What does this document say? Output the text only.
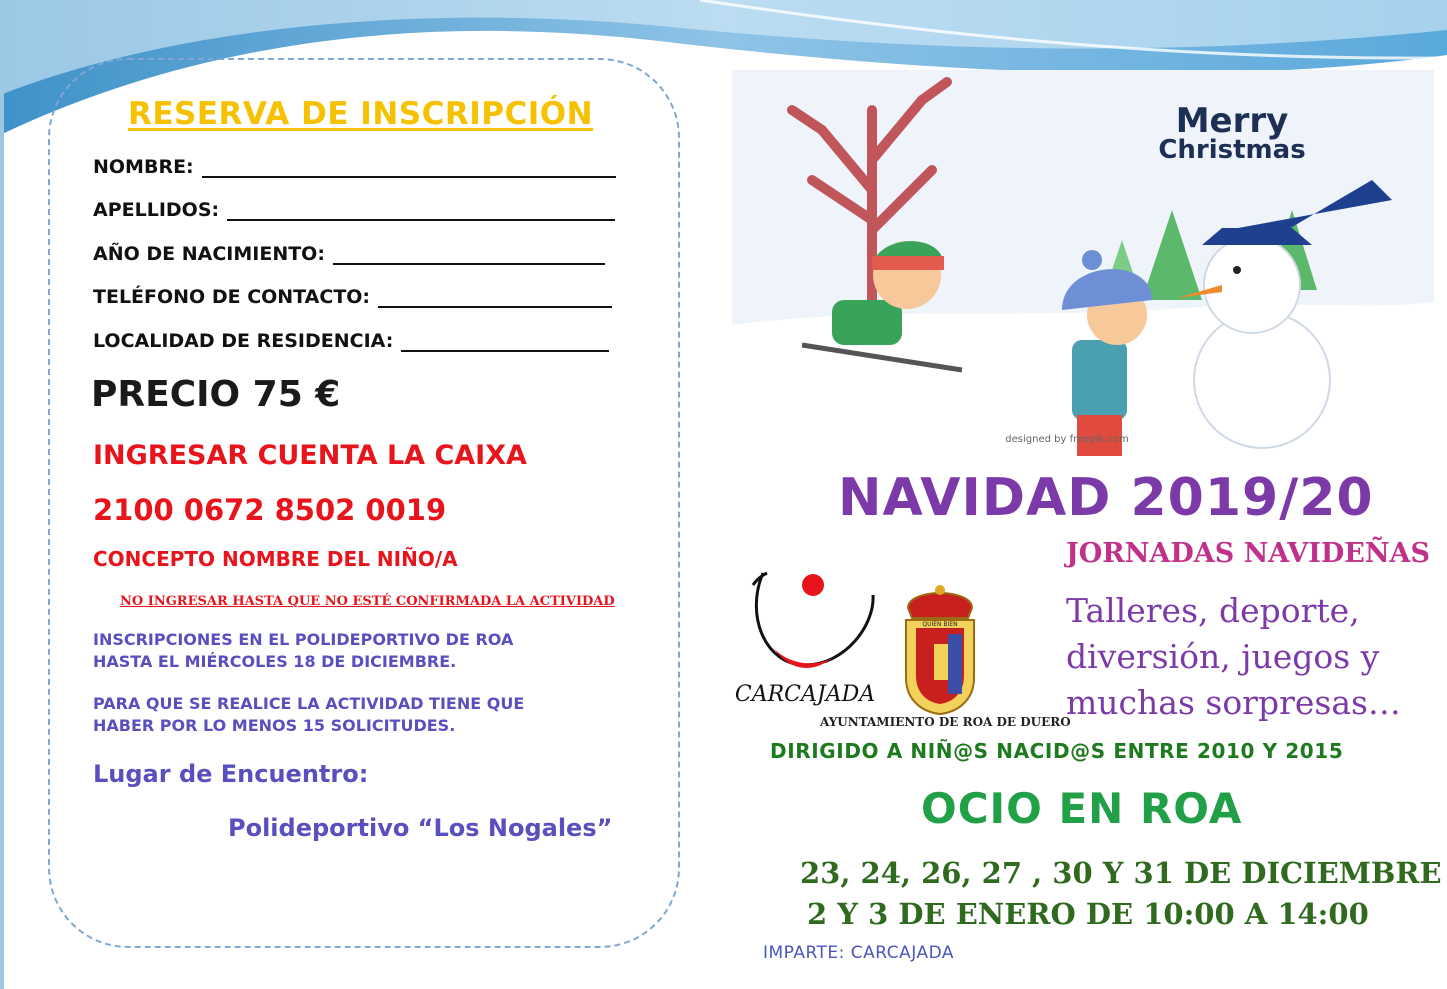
RESERVA DE INSCRIPCIÓN
NOMBRE:
APELLIDOS:
AÑO DE NACIMIENTO:
TELÉFONO DE CONTACTO:
LOCALIDAD DE RESIDENCIA:
PRECIO 75 €
INGRESAR CUENTA LA CAIXA
2100 0672 8502 0019
CONCEPTO NOMBRE DEL NIÑO/A
NO INGRESAR HASTA QUE NO ESTÉ CONFIRMADA LA ACTIVIDAD
INSCRIPCIONES EN EL POLIDEPORTIVO DE ROA
HASTA EL MIÉRCOLES 18 DE DICIEMBRE.
PARA QUE SE REALICE LA ACTIVIDAD TIENE QUE
HABER POR LO MENOS 15 SOLICITUDES.
Lugar de Encuentro:
Polideportivo “Los Nogales”
Merry
Christmas
designed by freepik.com
NAVIDAD 2019/20
JORNADAS NAVIDEÑAS
Talleres, deporte,
diversión, juegos y
muchas sorpresas…
CARCAJADA
QUIEN BIEN
AYUNTAMIENTO DE ROA DE DUERO
DIRIGIDO A NIÑ@S NACID@S ENTRE 2010 Y 2015
OCIO EN ROA
23, 24, 26, 27 , 30 Y 31 DE DICIEMBRE
2 Y 3 DE ENERO DE 10:00 A 14:00
IMPARTE: CARCAJADA
